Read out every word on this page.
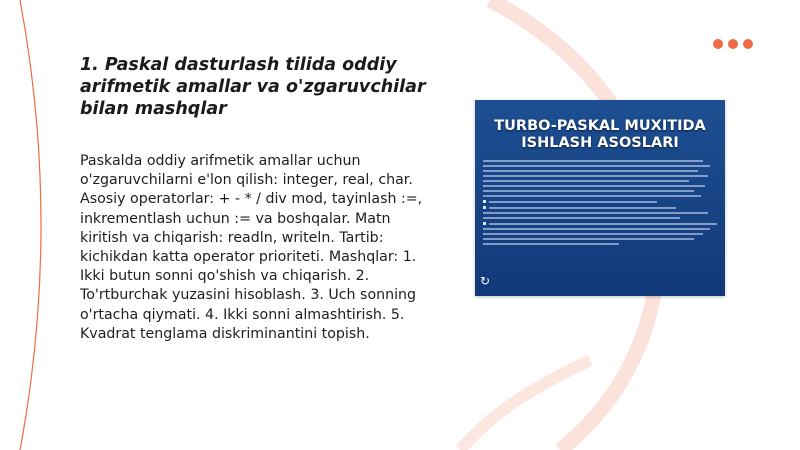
1. Paskal dasturlash tilida oddiy arifmetik amallar va o'zgaruvchilar bilan mashqlar

Paskalda oddiy arifmetik amallar uchun o'zgaruvchilarni e'lon qilish: integer, real, char. Asosiy operatorlar: + - * / div mod, tayinlash :=, inkrementlash uchun := va boshqalar. Matn kiritish va chiqarish: readln, writeln. Tartib: kichikdan katta operator prioriteti. Mashqlar: 1. Ikki butun sonni qo'shish va chiqarish. 2. To'rtburchak yuzasini hisoblash. 3. Uch sonning o'rtacha qiymati. 4. Ikki sonni almashtirish. 5. Kvadrat tenglama diskriminantini topish.

TURBO-PASKAL MUXITIDA
ISHLASH ASOSLARI
↻
